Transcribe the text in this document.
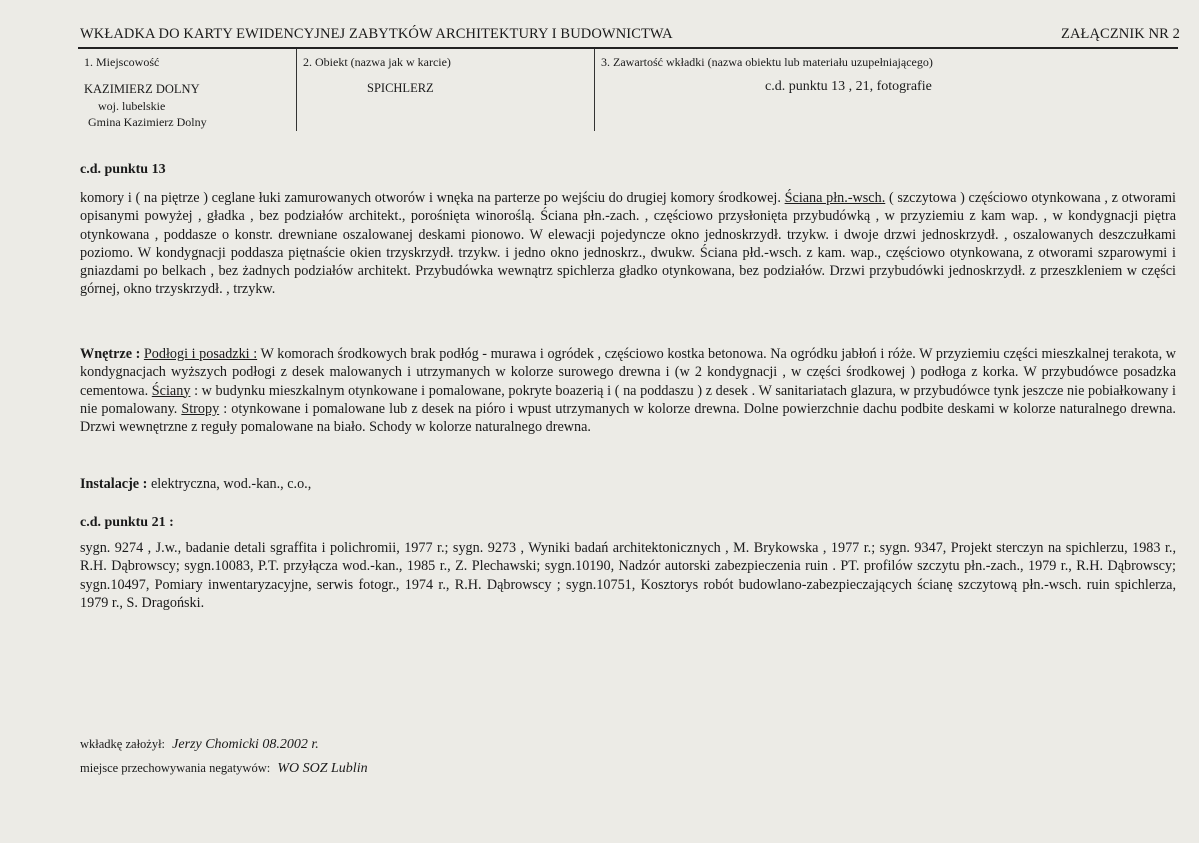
WKŁADKA DO KARTY EWIDENCYJNEJ ZABYTKÓW ARCHITEKTURY I BUDOWNICTWA	ZAŁĄCZNIK NR 2
1. Miejscowość
KAZIMIERZ DOLNY
woj. lubelskie
Gmina Kazimierz Dolny
2. Obiekt (nazwa jak w karcie)
SPICHLERZ
3. Zawartość wkładki (nazwa obiektu lub materiału uzupełniającego)
c.d. punktu 13 , 21, fotografie
c.d. punktu 13
komory i ( na piętrze ) ceglane łuki zamurowanych otworów i wnęka na parterze po wejściu do drugiej komory środkowej. Ściana płn.-wsch. ( szczytowa ) częściowo otynkowana , z otworami opisanymi powyżej , gładka , bez podziałów architekt., porośnięta winoroślą. Ściana płn.-zach. , częściowo przysłonięta przybudówką , w przyziemiu z kam wap. , w kondygnacji piętra otynkowana , poddasze o konstr. drewniane oszalowanej deskami pionowo. W elewacji pojedyncze okno jednoskrzydł. trzykw. i dwoje drzwi jednoskrzydł. , oszalowanych deszczułkami poziomo. W kondygnacji poddasza piętnaście okien trzyskrzydł. trzykw. i jedno okno jednoskrz., dwukw. Ściana płd.-wsch. z kam. wap., częściowo otynkowana, z otworami szparowymi i gniazdami po belkach , bez żadnych podziałów architekt. Przybudówka wewnątrz spichlerza gładko otynkowana, bez podziałów. Drzwi przybudówki jednoskrzydł. z przeszkleniem w części górnej, okno trzyskrzydł. , trzykw.
Wnętrze : Podłogi i posadzki : W komorach środkowych brak podłóg - murawa i ogródek , częściowo kostka betonowa. Na ogródku jabłoń i róże. W przyziemiu części mieszkalnej terakota, w kondygnacjach wyższych podłogi z desek malowanych i utrzymanych w kolorze surowego drewna i (w 2 kondygnacji , w części środkowej ) podłoga z korka. W przybudówce posadzka cementowa. Ściany : w budynku mieszkalnym otynkowane i pomalowane, pokryte boazerią i ( na poddaszu ) z desek . W sanitariatach glazura, w przybudówce tynk jeszcze nie pobiałkowany i nie pomalowany. Stropy : otynkowane i pomalowane lub z desek na pióro i wpust utrzymanych w kolorze drewna. Dolne powierzchnie dachu podbite deskami w kolorze naturalnego drewna. Drzwi wewnętrzne z reguły pomalowane na biało. Schody w kolorze naturalnego drewna.
Instalacje : elektryczna, wod.-kan., c.o.,
c.d. punktu 21 :
sygn. 9274 , J.w., badanie detali sgraffita i polichromii, 1977 r.; sygn. 9273 , Wyniki badań architektonicznych , M. Brykowska , 1977 r.; sygn. 9347, Projekt sterczyn na spichlerzu, 1983 r., R.H. Dąbrowscy; sygn.10083, P.T. przyłącza wod.-kan., 1985 r., Z. Plechawski; sygn.10190, Nadzór autorski zabezpieczenia ruin . PT. profilów szczytu płn.-zach., 1979 r., R.H. Dąbrowscy; sygn.10497, Pomiary inwentaryzacyjne, serwis fotogr., 1974 r., R.H. Dąbrowscy ; sygn.10751, Kosztorys robót budowlano-zabezpieczających ścianę szczytową płn.-wsch. ruin spichlerza, 1979 r., S. Dragoński.
wkładkę założył: Jerzy Chomicki 08.2002 r.
miejsce przechowywania negatywów: WO SOZ Lublin
